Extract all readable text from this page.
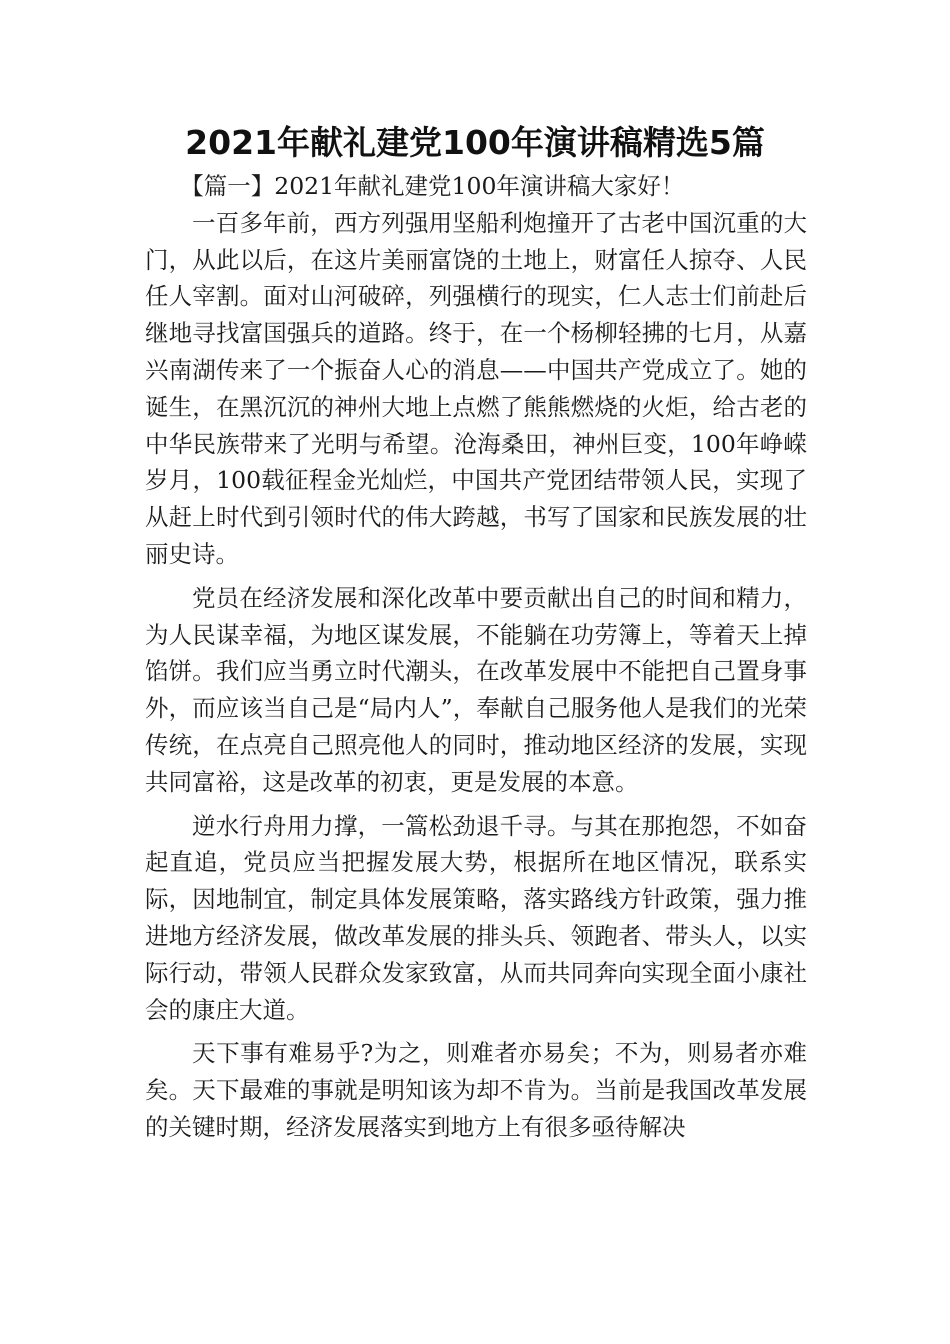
2021年献礼建党100年演讲稿精选5篇

【篇一】2021年献礼建党100年演讲稿大家好！

一百多年前，西方列强用坚船利炮撞开了古老中国沉重的大门，从此以后，在这片美丽富饶的土地上，财富任人掠夺、人民任人宰割。面对山河破碎，列强横行的现实，仁人志士们前赴后继地寻找富国强兵的道路。终于，在一个杨柳轻拂的七月，从嘉兴南湖传来了一个振奋人心的消息——中国共产党成立了。她的诞生，在黑沉沉的神州大地上点燃了熊熊燃烧的火炬，给古老的中华民族带来了光明与希望。沧海桑田，神州巨变，100年峥嵘岁月，100载征程金光灿烂，中国共产党团结带领人民，实现了从赶上时代到引领时代的伟大跨越，书写了国家和民族发展的壮丽史诗。

党员在经济发展和深化改革中要贡献出自己的时间和精力，为人民谋幸福，为地区谋发展，不能躺在功劳簿上，等着天上掉馅饼。我们应当勇立时代潮头，在改革发展中不能把自己置身事外，而应该当自己是“局内人”，奉献自己服务他人是我们的光荣传统，在点亮自己照亮他人的同时，推动地区经济的发展，实现共同富裕，这是改革的初衷，更是发展的本意。

逆水行舟用力撑，一篙松劲退千寻。与其在那抱怨，不如奋起直追，党员应当把握发展大势，根据所在地区情况，联系实际，因地制宜，制定具体发展策略，落实路线方针政策，强力推进地方经济发展，做改革发展的排头兵、领跑者、带头人，以实际行动，带领人民群众发家致富，从而共同奔向实现全面小康社会的康庄大道。

天下事有难易乎?为之，则难者亦易矣；不为，则易者亦难矣。天下最难的事就是明知该为却不肯为。当前是我国改革发展的关键时期，经济发展落实到地方上有很多亟待解决
